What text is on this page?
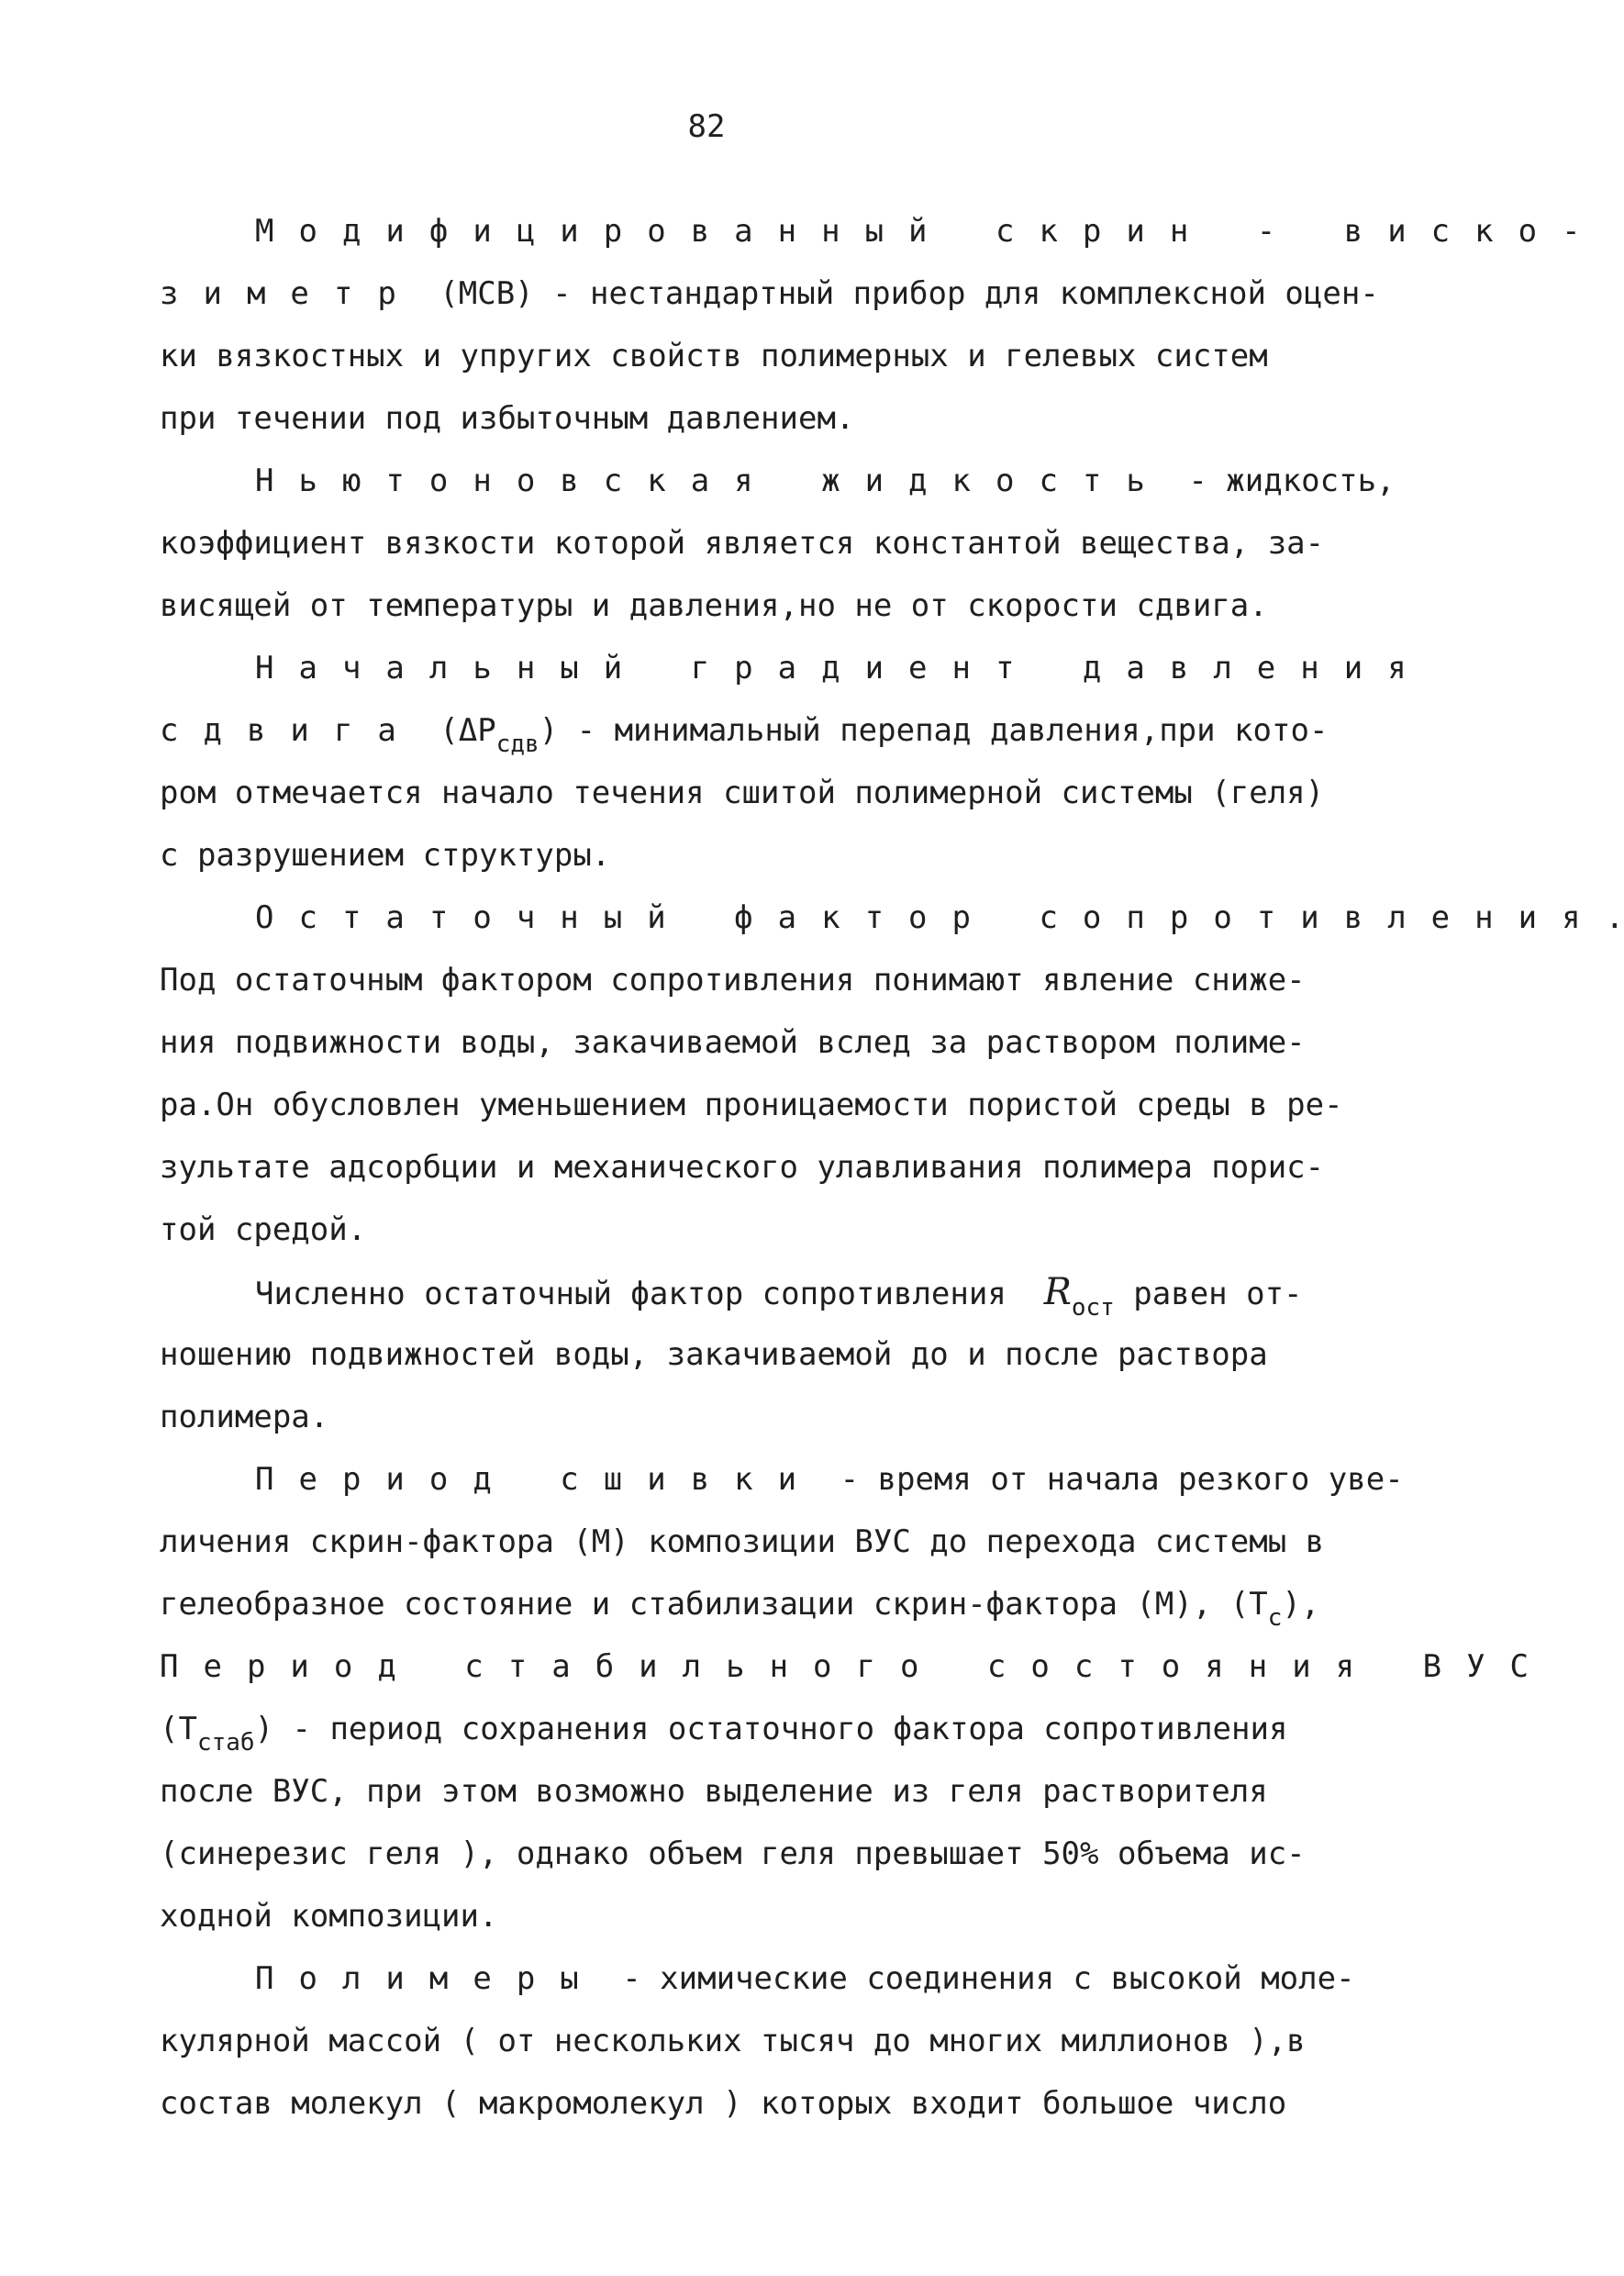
82
Модифицированный скрин - виско-
зиметр (МСВ) - нестандартный прибор для комплексной оцен-
ки вязкостных и упругих свойств полимерных и гелевых систем
при течении под избыточным давлением.
Ньютоновская жидкость - жидкость,
коэффициент вязкости которой является константой вещества, за-
висящей от температуры и давления,но не от скорости сдвига.
Начальный градиент давления
сдвига $(\Delta P_{сдв})$ - минимальный перепад давления,при кото-
ром отмечается начало течения сшитой полимерной системы (геля)
с разрушением структуры.
Остаточный фактор сопротивления.
Под остаточным фактором сопротивления понимают явление сниже-
ния подвижности воды, закачиваемой вслед за раствором полиме-
ра.Он обусловлен уменьшением проницаемости пористой среды в ре-
зультате адсорбции и механического улавливания полимера порис-
той средой.
Численно остаточный фактор сопротивления  $R_{ост}$ равен от-
ношению подвижностей воды, закачиваемой до и после раствора
полимера.
Период сшивки - время от начала резкого уве-
личения скрин-фактора (М) композиции ВУС до перехода системы в
гелеобразное состояние и стабилизации скрин-фактора (М), $(T_c)$,
Период стабильного состояния ВУС
$(T_{стаб})$ - период сохранения остаточного фактора сопротивления
после ВУС, при этом возможно выделение из геля растворителя
(синерезис геля ), однако объем геля превышает 50% объема ис-
ходной композиции.
Полимеры - химические соединения с высокой моле-
кулярной массой ( от нескольких тысяч до многих миллионов ),в
состав молекул ( макромолекул ) которых входит большое число
